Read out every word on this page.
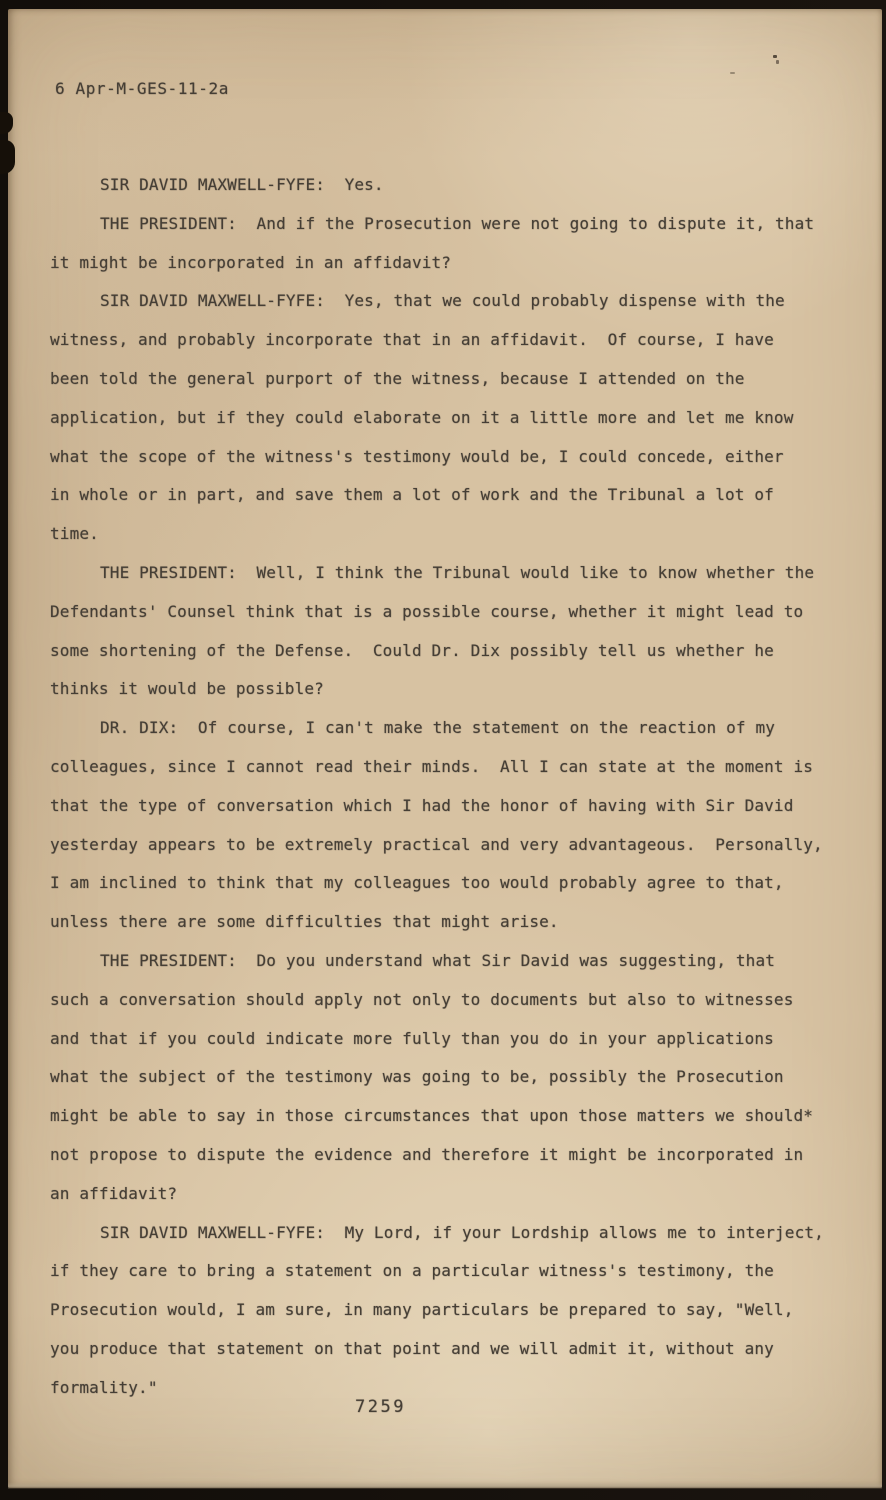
6 Apr-M-GES-11-2a
SIR DAVID MAXWELL-FYFE:  Yes.
THE PRESIDENT:  And if the Prosecution were not going to dispute it, that
it might be incorporated in an affidavit?
SIR DAVID MAXWELL-FYFE:  Yes, that we could probably dispense with the
witness, and probably incorporate that in an affidavit.  Of course, I have
been told the general purport of the witness, because I attended on the
application, but if they could elaborate on it a little more and let me know
what the scope of the witness's testimony would be, I could concede, either
in whole or in part, and save them a lot of work and the Tribunal a lot of
time.
THE PRESIDENT:  Well, I think the Tribunal would like to know whether the
Defendants' Counsel think that is a possible course, whether it might lead to
some shortening of the Defense.  Could Dr. Dix possibly tell us whether he
thinks it would be possible?
DR. DIX:  Of course, I can't make the statement on the reaction of my
colleagues, since I cannot read their minds.  All I can state at the moment is
that the type of conversation which I had the honor of having with Sir David
yesterday appears to be extremely practical and very advantageous.  Personally,
I am inclined to think that my colleagues too would probably agree to that,
unless there are some difficulties that might arise.
THE PRESIDENT:  Do you understand what Sir David was suggesting, that
such a conversation should apply not only to documents but also to witnesses
and that if you could indicate more fully than you do in your applications
what the subject of the testimony was going to be, possibly the Prosecution
might be able to say in those circumstances that upon those matters we should*
not propose to dispute the evidence and therefore it might be incorporated in
an affidavit?
SIR DAVID MAXWELL-FYFE:  My Lord, if your Lordship allows me to interject,
if they care to bring a statement on a particular witness's testimony, the
Prosecution would, I am sure, in many particulars be prepared to say, "Well,
you produce that statement on that point and we will admit it, without any
formality."
7259
